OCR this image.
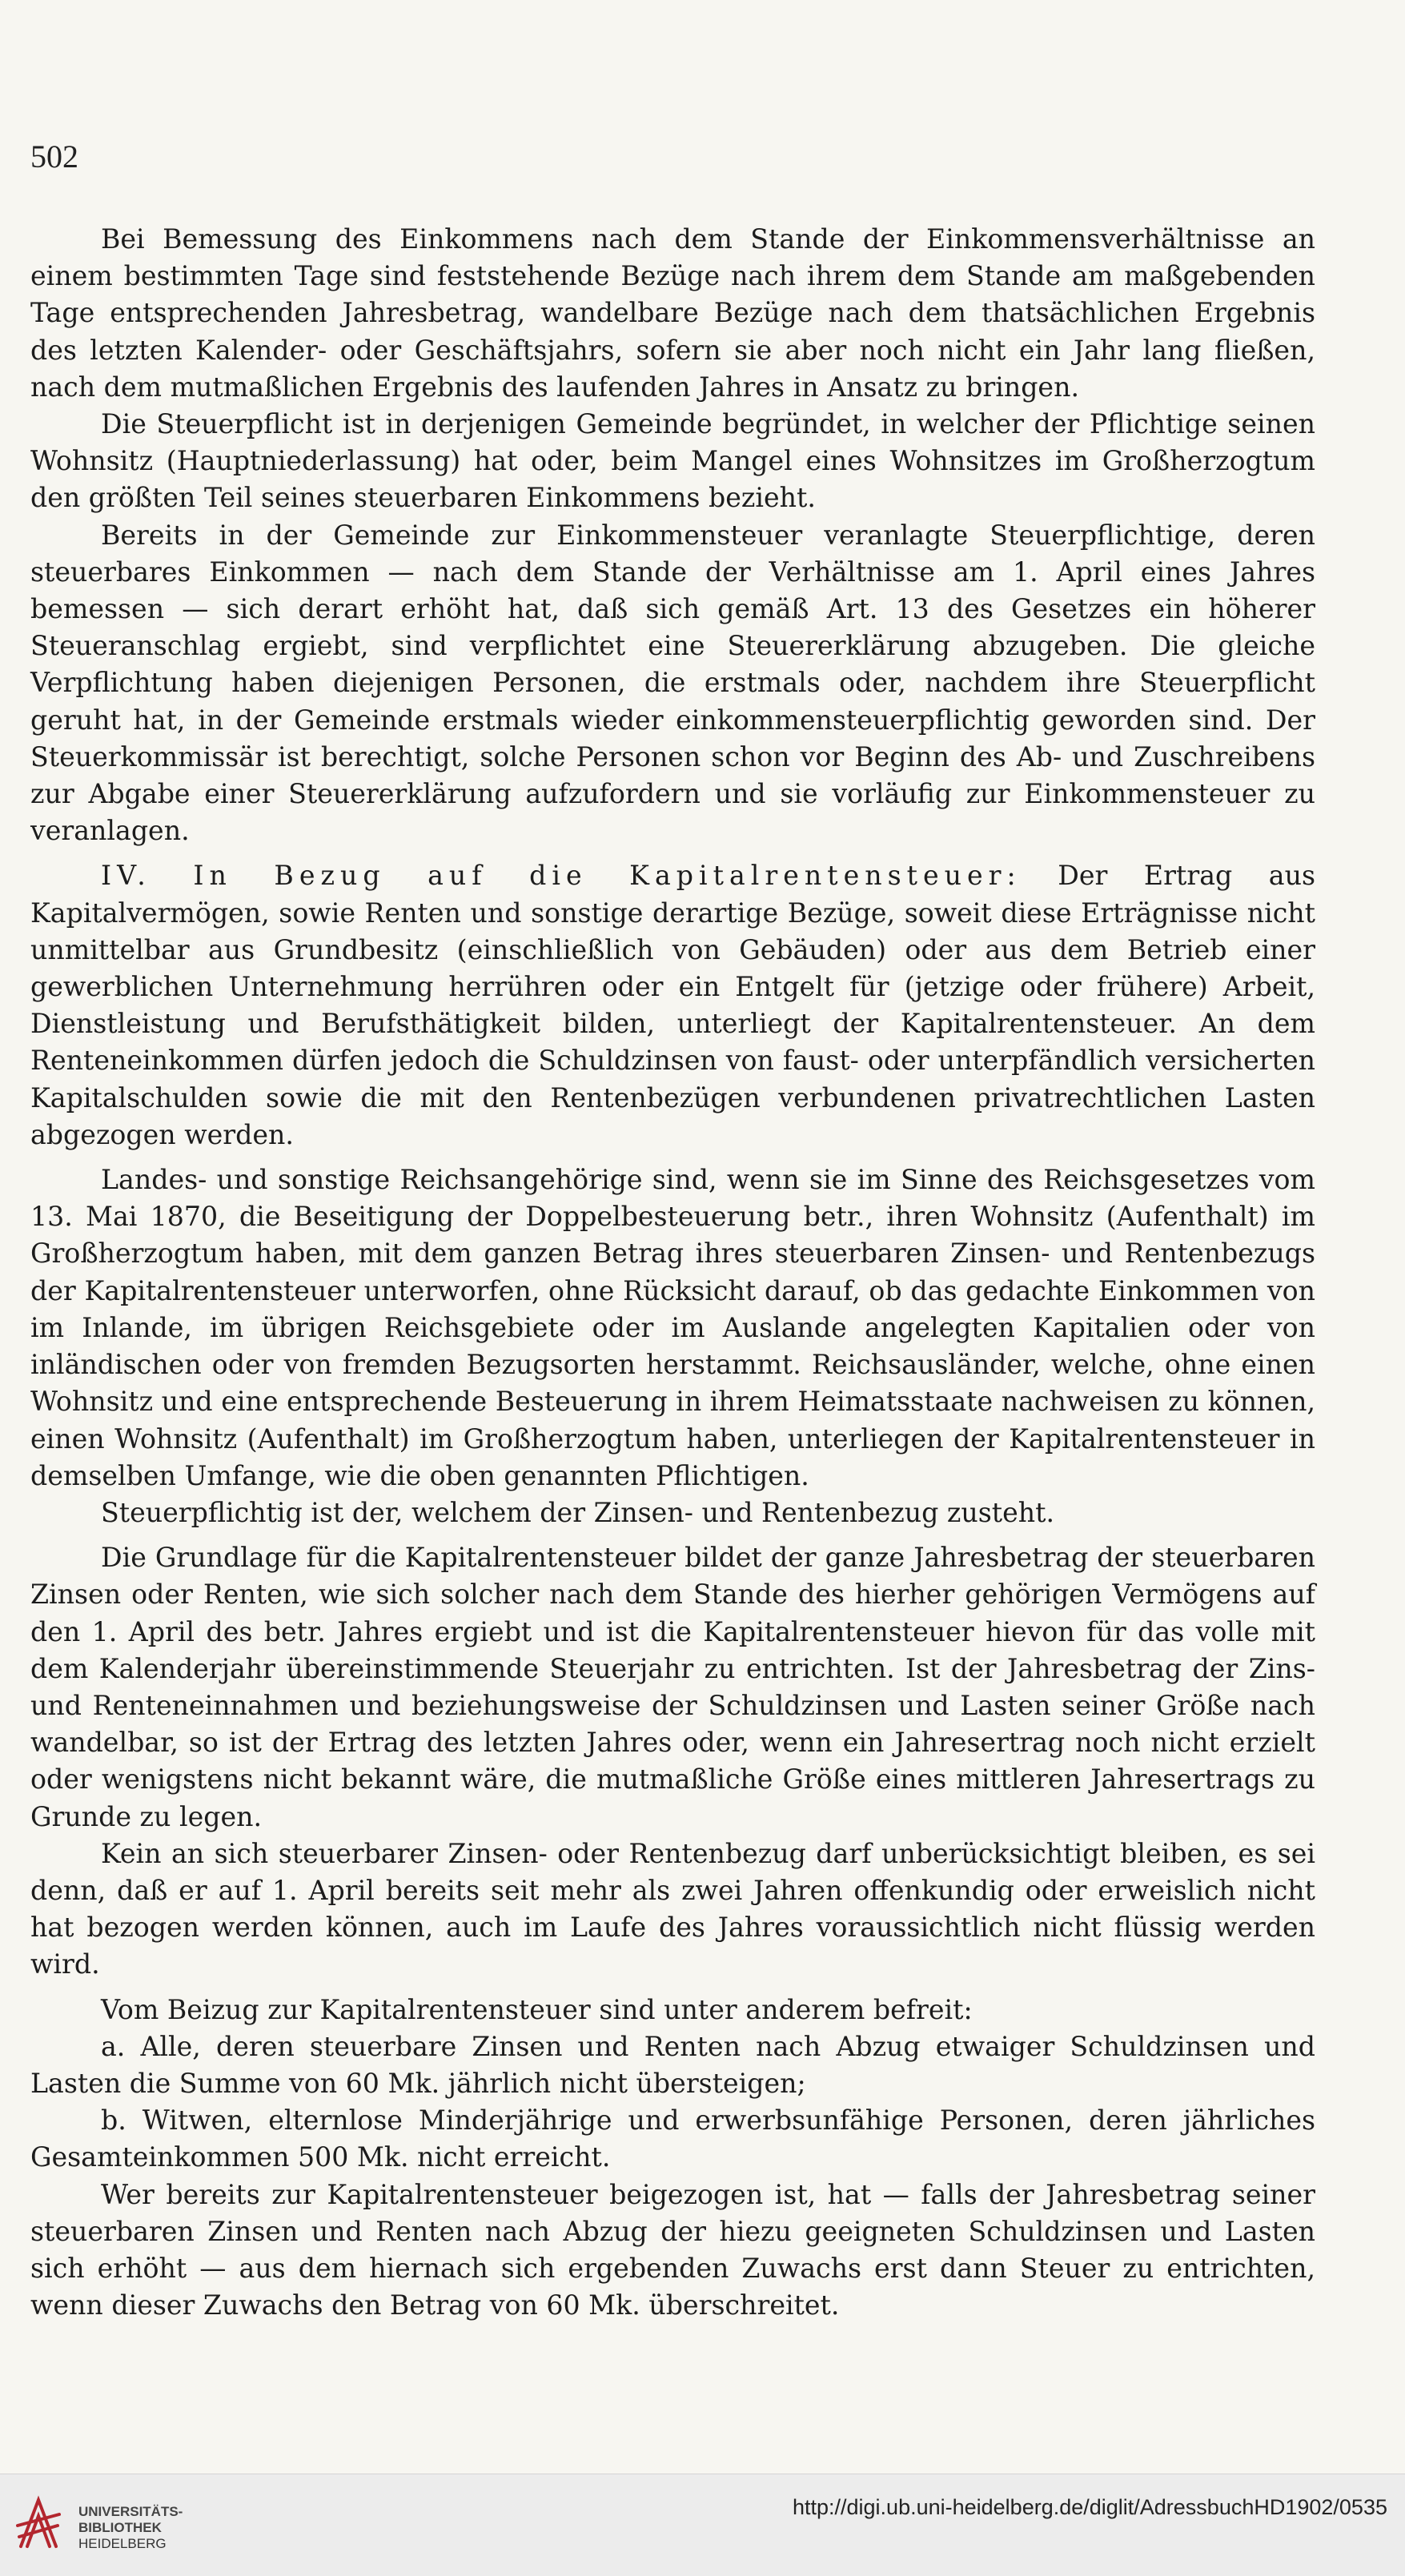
502

Bei Bemessung des Einkommens nach dem Stande der Einkommensverhältnisse an einem bestimmten Tage sind feststehende Bezüge nach ihrem dem Stande am maßgebenden Tage entsprechenden Jahresbetrag, wandelbare Bezüge nach dem thatsächlichen Ergebnis des letzten Kalender- oder Geschäftsjahrs, sofern sie aber noch nicht ein Jahr lang fließen, nach dem mutmaßlichen Ergebnis des laufenden Jahres in Ansatz zu bringen.

Die Steuerpflicht ist in derjenigen Gemeinde begründet, in welcher der Pflichtige seinen Wohnsitz (Hauptniederlassung) hat oder, beim Mangel eines Wohnsitzes im Großherzogtum den größten Teil seines steuerbaren Einkommens bezieht.

Bereits in der Gemeinde zur Einkommensteuer veranlagte Steuerpflichtige, deren steuerbares Einkommen — nach dem Stande der Verhältnisse am 1. April eines Jahres bemessen — sich derart erhöht hat, daß sich gemäß Art. 13 des Gesetzes ein höherer Steueranschlag ergiebt, sind verpflichtet eine Steuererklärung abzugeben. Die gleiche Verpflichtung haben diejenigen Personen, die erstmals oder, nachdem ihre Steuerpflicht geruht hat, in der Gemeinde erstmals wieder einkommensteuerpflichtig geworden sind. Der Steuerkommissär ist berechtigt, solche Personen schon vor Beginn des Ab- und Zuschreibens zur Abgabe einer Steuererklärung aufzufordern und sie vorläufig zur Einkommensteuer zu veranlagen.

IV. In Bezug auf die Kapitalrentensteuer: Der Ertrag aus Kapitalvermögen, sowie Renten und sonstige derartige Bezüge, soweit diese Erträgnisse nicht unmittelbar aus Grundbesitz (einschließlich von Gebäuden) oder aus dem Betrieb einer gewerblichen Unternehmung herrühren oder ein Entgelt für (jetzige oder frühere) Arbeit, Dienstleistung und Berufsthätigkeit bilden, unterliegt der Kapitalrentensteuer. An dem Renteneinkommen dürfen jedoch die Schuldzinsen von faust- oder unterpfändlich versicherten Kapitalschulden sowie die mit den Rentenbezügen verbundenen privatrechtlichen Lasten abgezogen werden.

Landes- und sonstige Reichsangehörige sind, wenn sie im Sinne des Reichsgesetzes vom 13. Mai 1870, die Beseitigung der Doppelbesteuerung betr., ihren Wohnsitz (Aufenthalt) im Großherzogtum haben, mit dem ganzen Betrag ihres steuerbaren Zinsen- und Rentenbezugs der Kapitalrentensteuer unterworfen, ohne Rücksicht darauf, ob das gedachte Einkommen von im Inlande, im übrigen Reichsgebiete oder im Auslande angelegten Kapitalien oder von inländischen oder von fremden Bezugsorten herstammt. Reichsausländer, welche, ohne einen Wohnsitz und eine entsprechende Besteuerung in ihrem Heimatsstaate nachweisen zu können, einen Wohnsitz (Aufenthalt) im Großherzogtum haben, unterliegen der Kapitalrentensteuer in demselben Umfange, wie die oben genannten Pflichtigen.

Steuerpflichtig ist der, welchem der Zinsen- und Rentenbezug zusteht.

Die Grundlage für die Kapitalrentensteuer bildet der ganze Jahresbetrag der steuerbaren Zinsen oder Renten, wie sich solcher nach dem Stande des hierher gehörigen Vermögens auf den 1. April des betr. Jahres ergiebt und ist die Kapitalrentensteuer hievon für das volle mit dem Kalenderjahr übereinstimmende Steuerjahr zu entrichten. Ist der Jahresbetrag der Zins- und Renteneinnahmen und beziehungsweise der Schuldzinsen und Lasten seiner Größe nach wandelbar, so ist der Ertrag des letzten Jahres oder, wenn ein Jahresertrag noch nicht erzielt oder wenigstens nicht bekannt wäre, die mutmaßliche Größe eines mittleren Jahresertrags zu Grunde zu legen.

Kein an sich steuerbarer Zinsen- oder Rentenbezug darf unberücksichtigt bleiben, es sei denn, daß er auf 1. April bereits seit mehr als zwei Jahren offenkundig oder erweislich nicht hat bezogen werden können, auch im Laufe des Jahres voraussichtlich nicht flüssig werden wird.

Vom Beizug zur Kapitalrentensteuer sind unter anderem befreit:

a. Alle, deren steuerbare Zinsen und Renten nach Abzug etwaiger Schuldzinsen und Lasten die Summe von 60 Mk. jährlich nicht übersteigen;

b. Witwen, elternlose Minderjährige und erwerbsunfähige Personen, deren jährliches Gesamteinkommen 500 Mk. nicht erreicht.

Wer bereits zur Kapitalrentensteuer beigezogen ist, hat — falls der Jahresbetrag seiner steuerbaren Zinsen und Renten nach Abzug der hiezu geeigneten Schuldzinsen und Lasten sich erhöht — aus dem hiernach sich ergebenden Zuwachs erst dann Steuer zu entrichten, wenn dieser Zuwachs den Betrag von 60 Mk. überschreitet.

UNIVERSITÄTS-
BIBLIOTHEK
HEIDELBERG
http://digi.ub.uni-heidelberg.de/diglit/AdressbuchHD1902/0535
